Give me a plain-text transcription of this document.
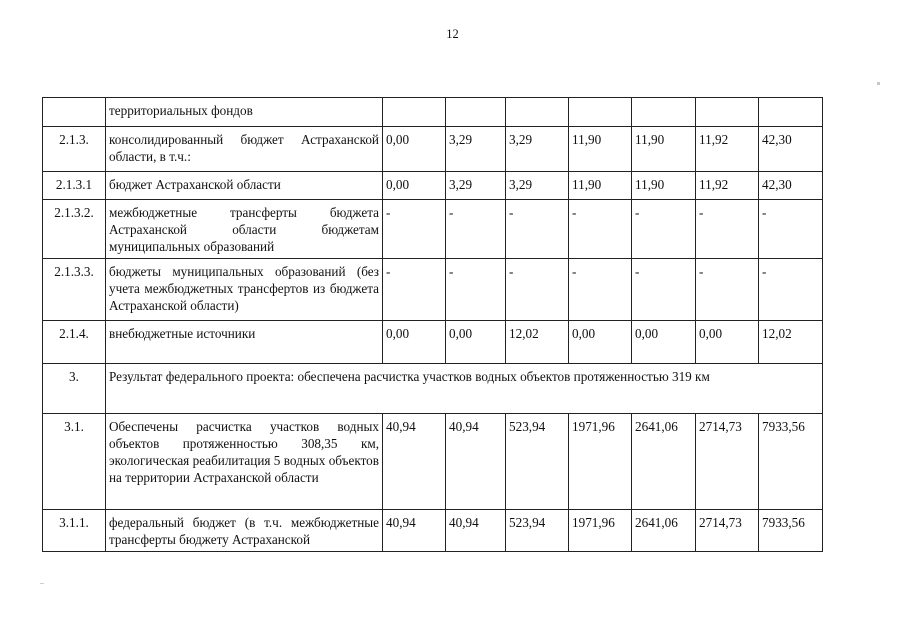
12
	территориальных фондов							
2.1.3.	консолидированный бюджет Астраханской области, в т.ч.:	0,00	3,29	3,29	11,90	11,90	11,92	42,30
2.1.3.1	бюджет Астраханской области	0,00	3,29	3,29	11,90	11,90	11,92	42,30
2.1.3.2.	межбюджетные трансферты бюджета Астраханской области бюджетам муниципальных образований	-	-	-	-	-	-	-
2.1.3.3.	бюджеты муниципальных образований (без учета межбюджетных трансфертов из бюджета Астраханской области)	-	-	-	-	-	-	-
2.1.4.	внебюджетные источники	0,00	0,00	12,02	0,00	0,00	0,00	12,02
3.	Результат федерального проекта: обеспечена расчистка участков водных объектов протяженностью 319 км							
3.1.	Обеспечены расчистка участков водных объектов протяженностью 308,35 км, экологическая реабилитация 5 водных объектов на территории Астраханской области	40,94	40,94	523,94	1971,96	2641,06	2714,73	7933,56
3.1.1.	федеральный бюджет (в т.ч. межбюджетные трансферты бюджету Астраханской	40,94	40,94	523,94	1971,96	2641,06	2714,73	7933,56
